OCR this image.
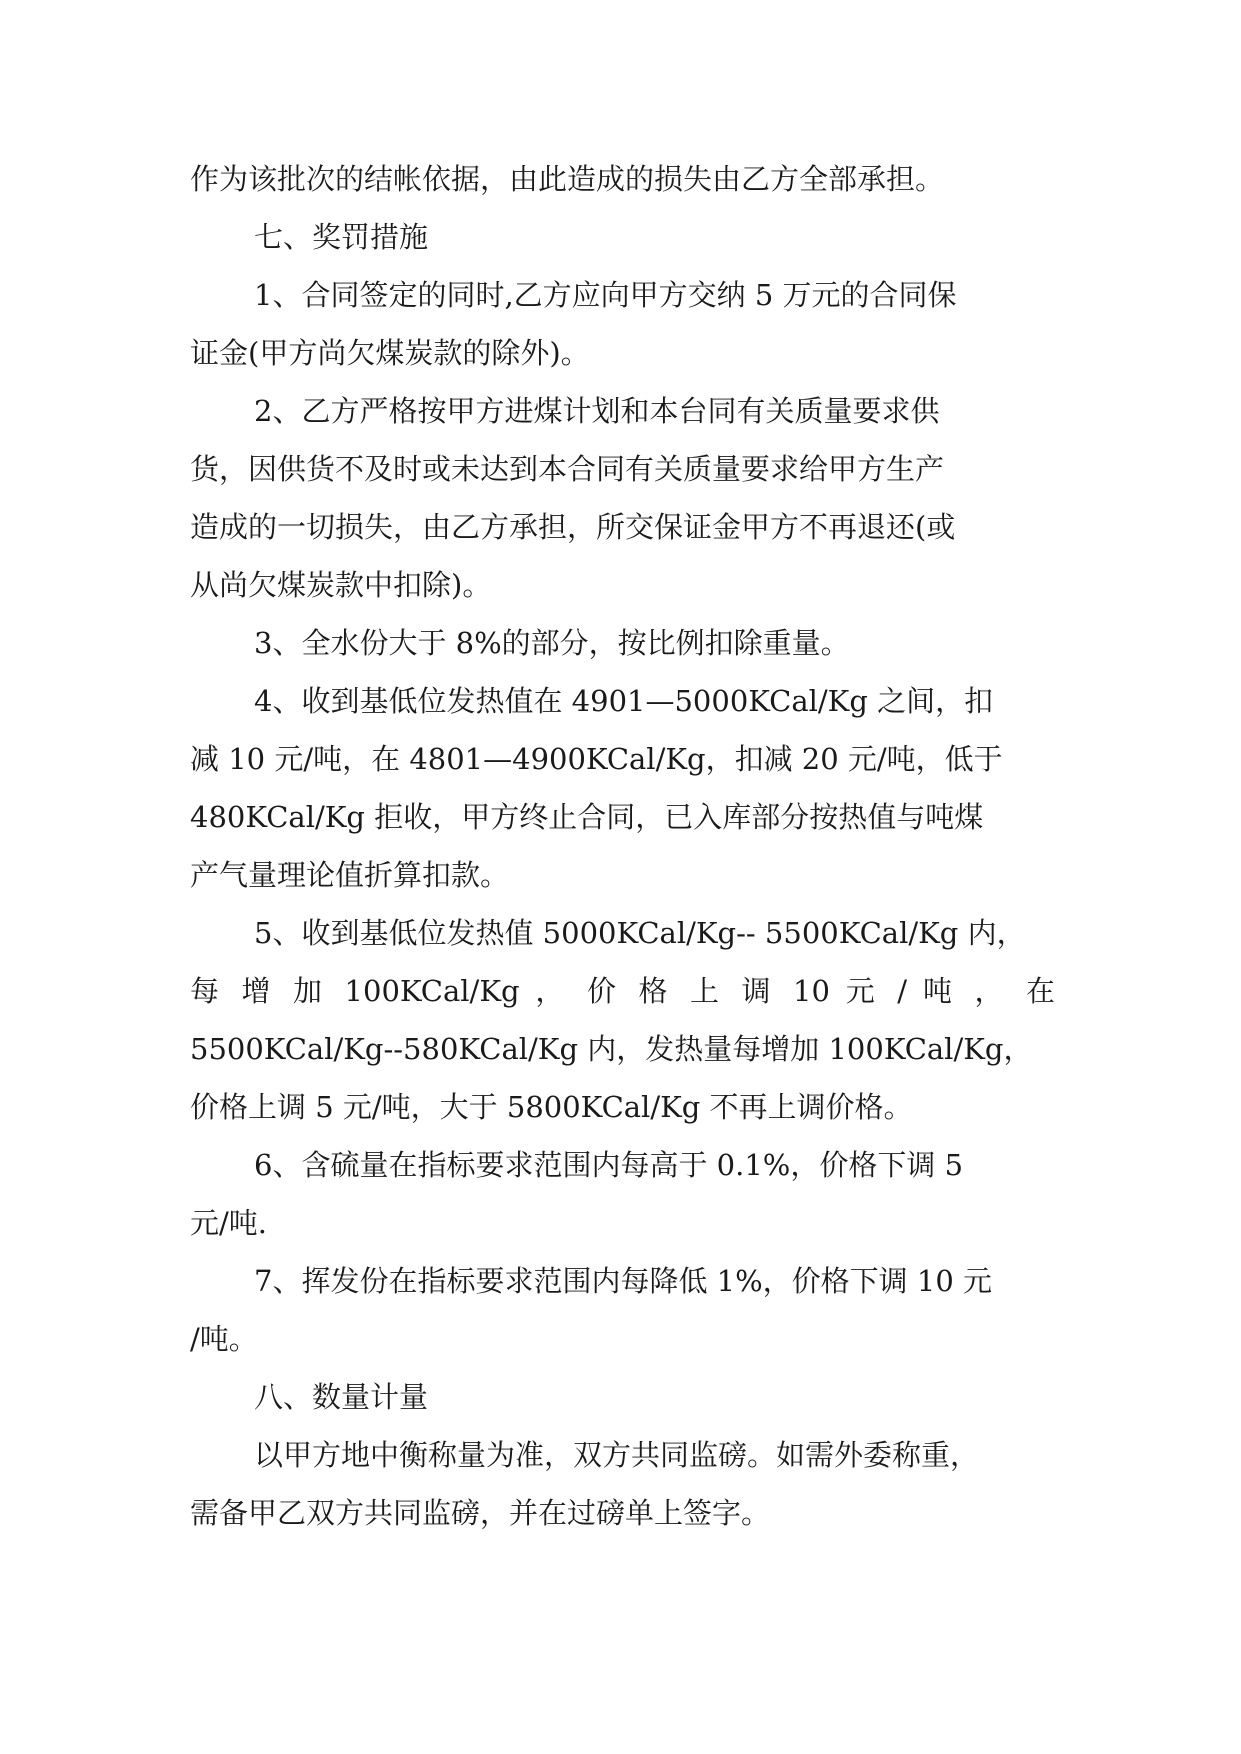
作为该批次的结帐依据，由此造成的损失由乙方全部承担。
七、奖罚措施
1、合同签定的同时,乙方应向甲方交纳 5 万元的合同保
证金(甲方尚欠煤炭款的除外)。
2、乙方严格按甲方进煤计划和本台同有关质量要求供
货，因供货不及时或未达到本合同有关质量要求给甲方生产
造成的一切损失，由乙方承担，所交保证金甲方不再退还(或
从尚欠煤炭款中扣除)。
3、全水份大于 8%的部分，按比例扣除重量。
4、收到基低位发热值在 4901—5000KCal/Kg 之间，扣
减 10 元/吨，在 4801—4900KCal/Kg，扣减 20 元/吨，低于
480KCal/Kg 拒收，甲方终止合同，已入库部分按热值与吨煤
产气量理论值折算扣款。
5、收到基低位发热值 5000KCal/Kg-- 5500KCal/Kg 内，
每 增 加 100KCal/Kg ， 价 格 上 调 10 元 / 吨 ， 在
5500KCal/Kg--580KCal/Kg 内，发热量每增加 100KCal/Kg，
价格上调 5 元/吨，大于 5800KCal/Kg 不再上调价格。
6、含硫量在指标要求范围内每高于 0.1%，价格下调 5
元/吨.
7、挥发份在指标要求范围内每降低 1%，价格下调 10 元
/吨。
八、数量计量
以甲方地中衡称量为准，双方共同监磅。如需外委称重，
需备甲乙双方共同监磅，并在过磅单上签字。
